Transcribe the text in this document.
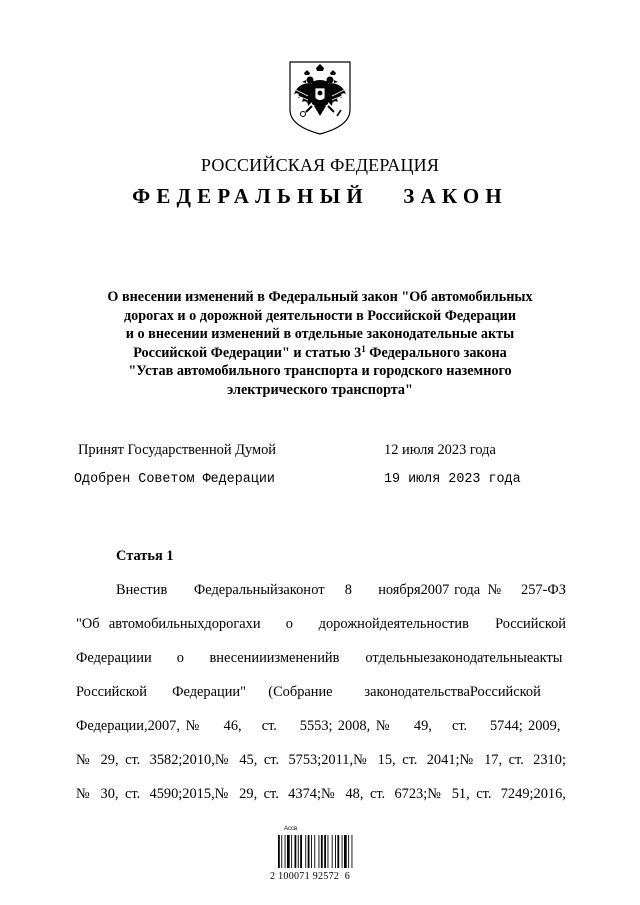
РОССИЙСКАЯ ФЕДЕРАЦИЯ
ФЕДЕРАЛЬНЫЙ   ЗАКОН
О внесении изменений в Федеральный закон "Об автомобильных
дорогах и о дорожной деятельности в Российской Федерации
и о внесении изменений в отдельные законодательные акты
Российской Федерации" и статью $3^1$ Федерального закона
"Устав автомобильного транспорта и городского наземного
электрического транспорта"
Принят Государственной Думой	12 июля 2023 года
Одобрен Советом Федерации	19 июля 2023 года
Статья 1
Внести в	Федеральный закон от	8	ноября 2007 года №	257-ФЗ
"Об автомобильных дорогах и	о	дорожной деятельности в	Российской
Федерации и	о	внесении изменений в	отдельные законодательные акты
Российской	Федерации"	(Собрание	законодательства Российской
Федерации, 2007, №	46,	ст.	5553; 2008, №	49,	ст.	5744; 2009,
№ 29, ст. 3582; 2010, № 45, ст. 5753; 2011, № 15, ст. 2041; № 17, ст. 2310;
№ 30, ст. 4590; 2015, № 29, ст. 4374; № 48, ст. 6723; № 51, ст. 7249; 2016,
Ассв
2 100071 92572  6
